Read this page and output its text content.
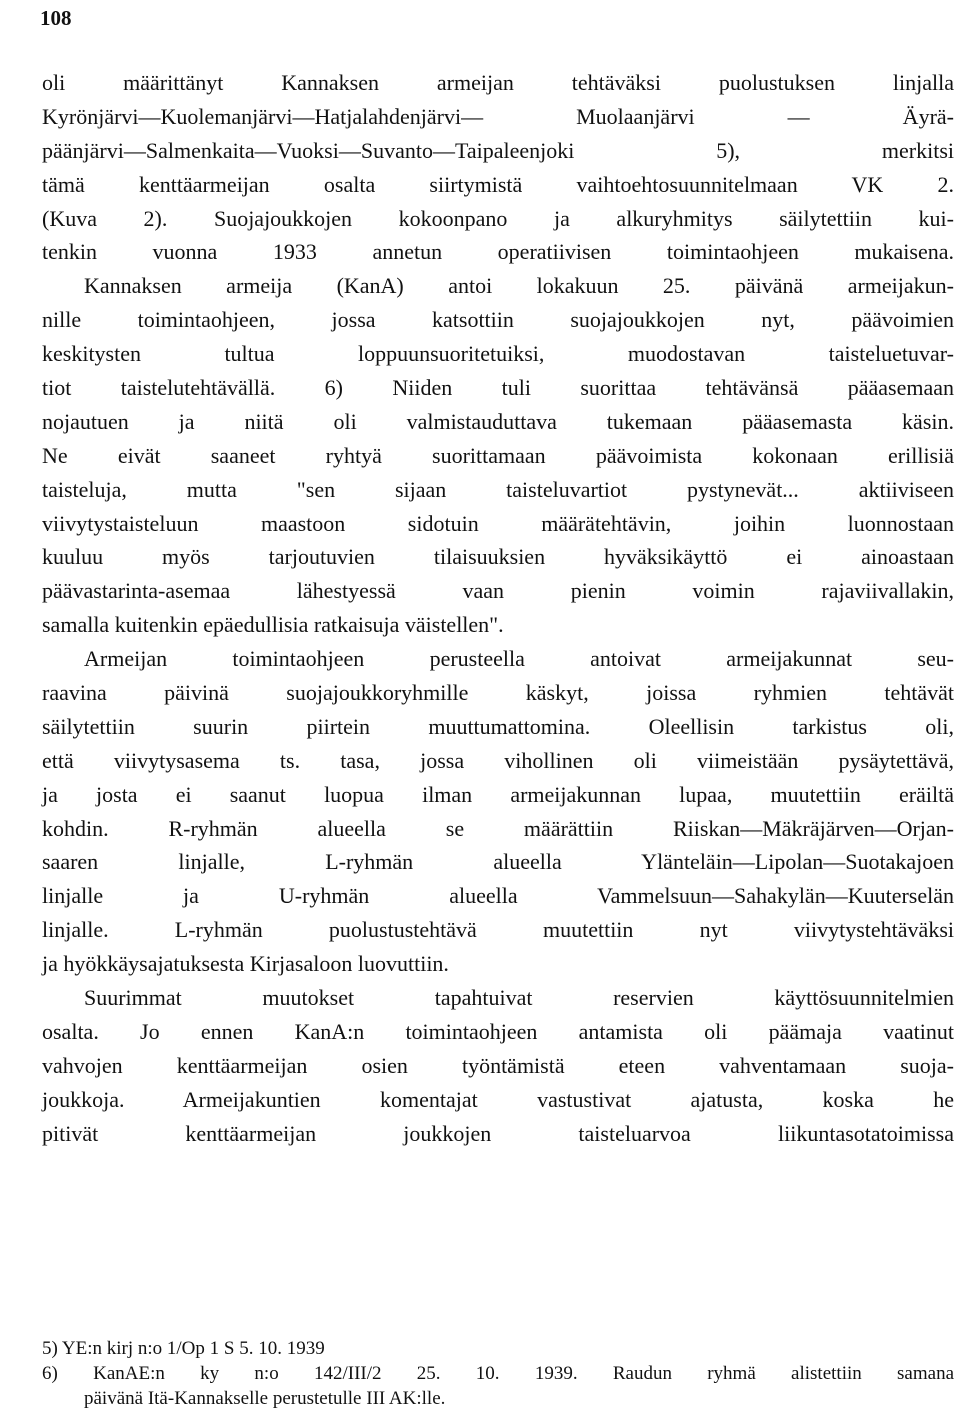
108
oli määrittänyt Kannaksen armeijan tehtäväksi puolustuksen linjalla
Kyrönjärvi—Kuolemanjärvi—Hatjalahdenjärvi— Muolaanjärvi — Äyrä-
päänjärvi—Salmenkaita—Vuoksi—Suvanto—Taipaleenjoki 5), merkitsi
tämä kenttäarmeijan osalta siirtymistä vaihtoehtosuunnitelmaan VK 2.
(Kuva 2). Suojajoukkojen kokoonpano ja alkuryhmitys säilytettiin kui-
tenkin vuonna 1933 annetun operatiivisen toimintaohjeen mukaisena.
Kannaksen armeija (KanA) antoi lokakuun 25. päivänä armeijakun-
nille toimintaohjeen, jossa katsottiin suojajoukkojen nyt, päävoimien
keskitysten tultua loppuunsuoritetuiksi, muodostavan taisteluetuvar-
tiot taistelutehtävällä. 6) Niiden tuli suorittaa tehtävänsä pääasemaan
nojautuen ja niitä oli valmistauduttava tukemaan pääasemasta käsin.
Ne eivät saaneet ryhtyä suorittamaan päävoimista kokonaan erillisiä
taisteluja, mutta "sen sijaan taisteluvartiot pystynevät... aktiiviseen
viivytystaisteluun maastoon sidotuin määrätehtävin, joihin luonnostaan
kuuluu myös tarjoutuvien tilaisuuksien hyväksikäyttö ei ainoastaan
päävastarinta-asemaa lähestyessä vaan pienin voimin rajaviivallakin,
samalla kuitenkin epäedullisia ratkaisuja väistellen".
Armeijan toimintaohjeen perusteella antoivat armeijakunnat seu-
raavina päivinä suojajoukkoryhmille käskyt, joissa ryhmien tehtävät
säilytettiin suurin piirtein muuttumattomina. Oleellisin tarkistus oli,
että viivytysasema ts. tasa, jossa vihollinen oli viimeistään pysäytettävä,
ja josta ei saanut luopua ilman armeijakunnan lupaa, muutettiin eräiltä
kohdin. R-ryhmän alueella se määrättiin Riiskan—Mäkräjärven—Orjan-
saaren linjalle, L-ryhmän alueella Ylänteläin—Lipolan—Suotakajoen
linjalle ja U-ryhmän alueella Vammelsuun—Sahakylän—Kuuterselän
linjalle. L-ryhmän puolustustehtävä muutettiin nyt viivytystehtäväksi
ja hyökkäysajatuksesta Kirjasaloon luovuttiin.
Suurimmat muutokset tapahtuivat reservien käyttösuunnitelmien
osalta. Jo ennen KanA:n toimintaohjeen antamista oli päämaja vaatinut
vahvojen kenttäarmeijan osien työntämistä eteen vahventamaan suoja-
joukkoja. Armeijakuntien komentajat vastustivat ajatusta, koska he
pitivät kenttäarmeijan joukkojen taisteluarvoa liikuntasotatoimissa
5) YE:n kirj n:o 1/Op 1 S 5. 10. 1939
6) KanAE:n ky n:o 142/III/2 25. 10. 1939. Raudun ryhmä alistettiin samana
päivänä Itä-Kannakselle perustetulle III AK:lle.
